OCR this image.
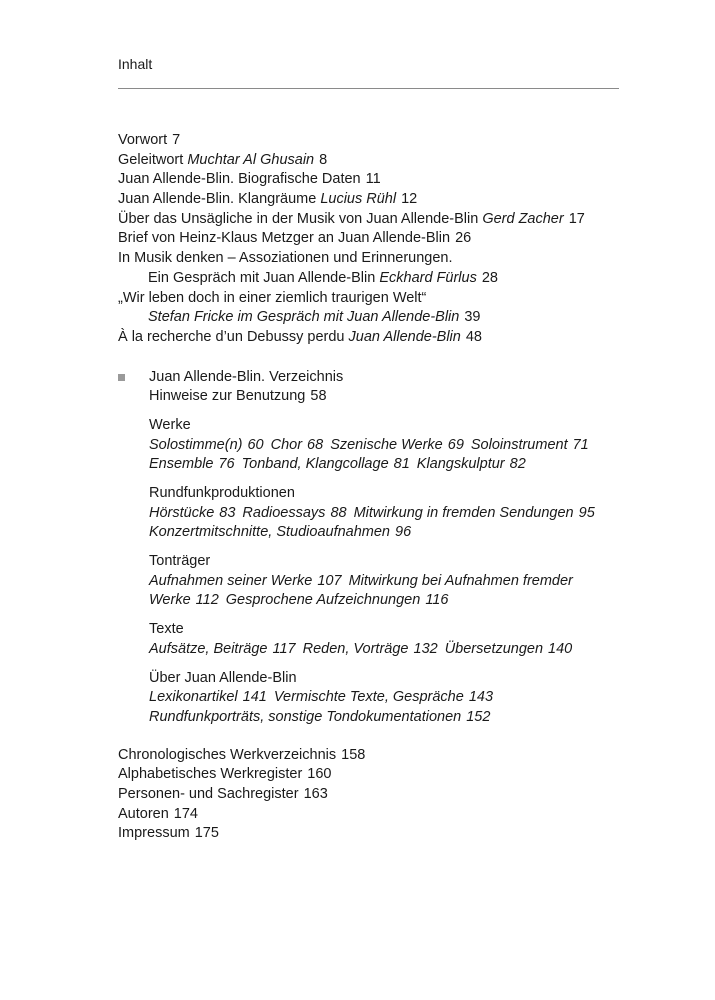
Inhalt
Vorwort 7
Geleitwort Muchtar Al Ghusain 8
Juan Allende-Blin. Biografische Daten 11
Juan Allende-Blin. Klangräume Lucius Rühl 12
Über das Unsägliche in der Musik von Juan Allende-Blin Gerd Zacher 17
Brief von Heinz-Klaus Metzger an Juan Allende-Blin 26
In Musik denken – Assoziationen und Erinnerungen.
Ein Gespräch mit Juan Allende-Blin Eckhard Fürlus 28
„Wir leben doch in einer ziemlich traurigen Welt“
Stefan Fricke im Gespräch mit Juan Allende-Blin 39
À la recherche d’un Debussy perdu Juan Allende-Blin 48
Juan Allende-Blin. Verzeichnis
Hinweise zur Benutzung 58
Werke
Solostimme(n) 60 Chor 68 Szenische Werke 69 Soloinstrument 71
Ensemble 76 Tonband, Klangcollage 81 Klangskulptur 82
Rundfunkproduktionen
Hörstücke 83 Radioessays 88 Mitwirkung in fremden Sendungen 95
Konzertmitschnitte, Studioaufnahmen 96
Tonträger
Aufnahmen seiner Werke 107 Mitwirkung bei Aufnahmen fremder
Werke 112 Gesprochene Aufzeichnungen 116
Texte
Aufsätze, Beiträge 117 Reden, Vorträge 132 Übersetzungen 140
Über Juan Allende-Blin
Lexikonartikel 141 Vermischte Texte, Gespräche 143
Rundfunkporträts, sonstige Tondokumentationen 152
Chronologisches Werkverzeichnis 158
Alphabetisches Werkregister 160
Personen- und Sachregister 163
Autoren 174
Impressum 175
